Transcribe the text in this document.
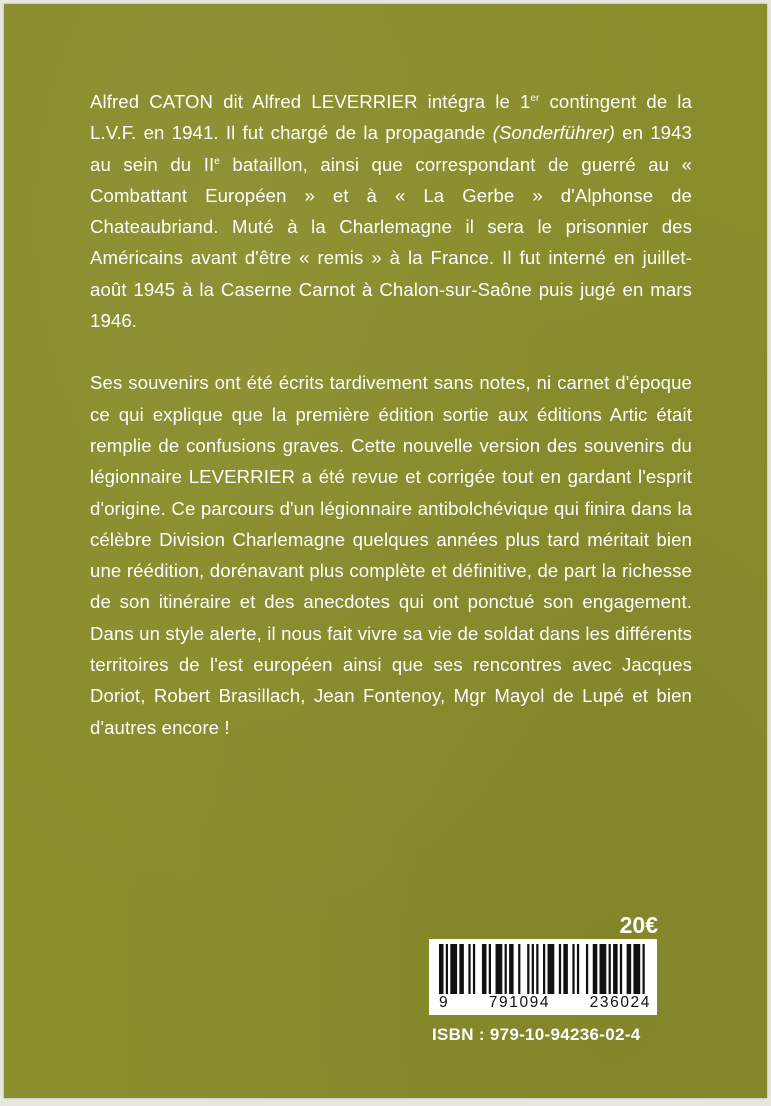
Alfred CATON dit Alfred LEVERRIER intégra le 1er contingent de la L.V.F. en 1941. Il fut chargé de la propagande (Sonderführer) en 1943 au sein du IIe bataillon, ainsi que correspondant de guerré au « Combattant Européen » et à « La Gerbe » d'Alphonse de Chateaubriand. Muté à la Charlemagne il sera le prisonnier des Américains avant d'être « remis » à la France. Il fut interné en juillet-août 1945 à la Caserne Carnot à Chalon-sur-Saône puis jugé en mars 1946.

Ses souvenirs ont été écrits tardivement sans notes, ni carnet d'époque ce qui explique que la première édition sortie aux éditions Artic était remplie de confusions graves. Cette nouvelle version des souvenirs du légionnaire LEVERRIER a été revue et corrigée tout en gardant l'esprit d'origine. Ce parcours d'un légionnaire antibolchévique qui finira dans la célèbre Division Charlemagne quelques années plus tard méritait bien une réédition, dorénavant plus complète et définitive, de part la richesse de son itinéraire et des anecdotes qui ont ponctué son engagement. Dans un style alerte, il nous fait vivre sa vie de soldat dans les différents territoires de l'est européen ainsi que ses rencontres avec Jacques Doriot, Robert Brasillach, Jean Fontenoy, Mgr Mayol de Lupé et bien d'autres encore !

20€
9	791094	236024
ISBN : 979-10-94236-02-4
